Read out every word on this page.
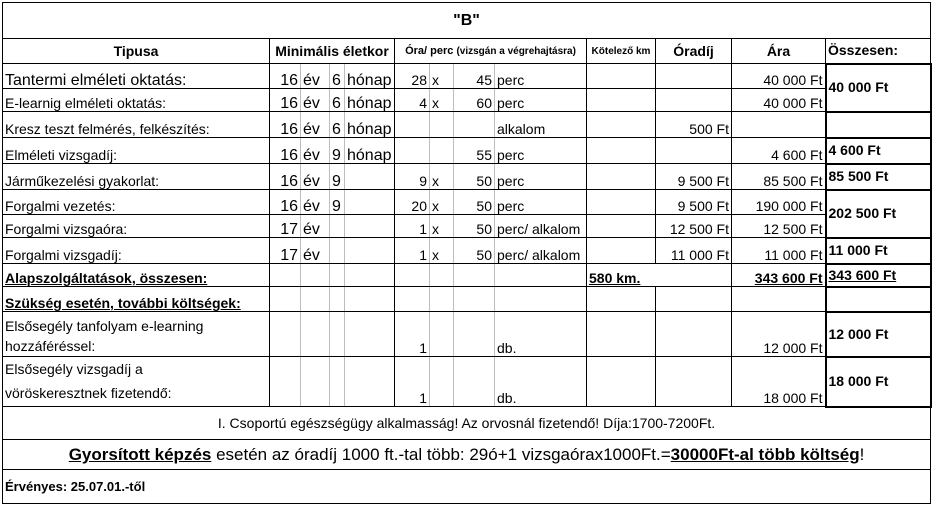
"B"												
Tipusa	Minimális életkor				Óra/ perc (vizsgán a végrehajtásra)				Kötelező km	Óradíj	Ára	Összesen:
Tantermi elméleti oktatás:	16	év	6	hónap	28	x	45	perc			40 000 Ft	40 000 Ft
E-learnig elméleti oktatás:	16	év	6	hónap	4	x	60	perc			40 000 Ft	
Kresz teszt felmérés, felkészítés:	16	év	6	hónap				alkalom		500 Ft		
Elméleti vizsgadíj:	16	év	9	hónap			55	perc			4 600 Ft	4 600 Ft
Járműkezelési gyakorlat:	16	év	9		9	x	50	perc		9 500 Ft	85 500 Ft	85 500 Ft
Forgalmi vezetés:	16	év	9		20	x	50	perc		9 500 Ft	190 000 Ft	202 500 Ft
Forgalmi vizsgaóra:	17	év			1	x	50	perc/ alkalom		12 500 Ft	12 500 Ft	
Forgalmi vizsgadíj:	17	év			1	x	50	perc/ alkalom		11 000 Ft	11 000 Ft	11 000 Ft
Alapszolgáltatások, összesen:									580 km.		343 600 Ft	343 600 Ft
Szükség esetén, további költségek:												
Elsősegély tanfolyam e-learning
hozzáféréssel:					1			db.			12 000 Ft	12 000 Ft
Elsősegély vizsgadíj a
vöröskeresztnek fizetendő:					1			db.			18 000 Ft	18 000 Ft
I. Csoportú egészségügy alkalmasság! Az orvosnál fizetendő! Díja:1700-7200Ft.												
Gyorsított képzés esetén az óradíj 1000 ft.-tal több: 29ó+1 vizsgaórax1000Ft.=30000Ft-al több költség!												
Érvényes: 25.07.01.-től												
